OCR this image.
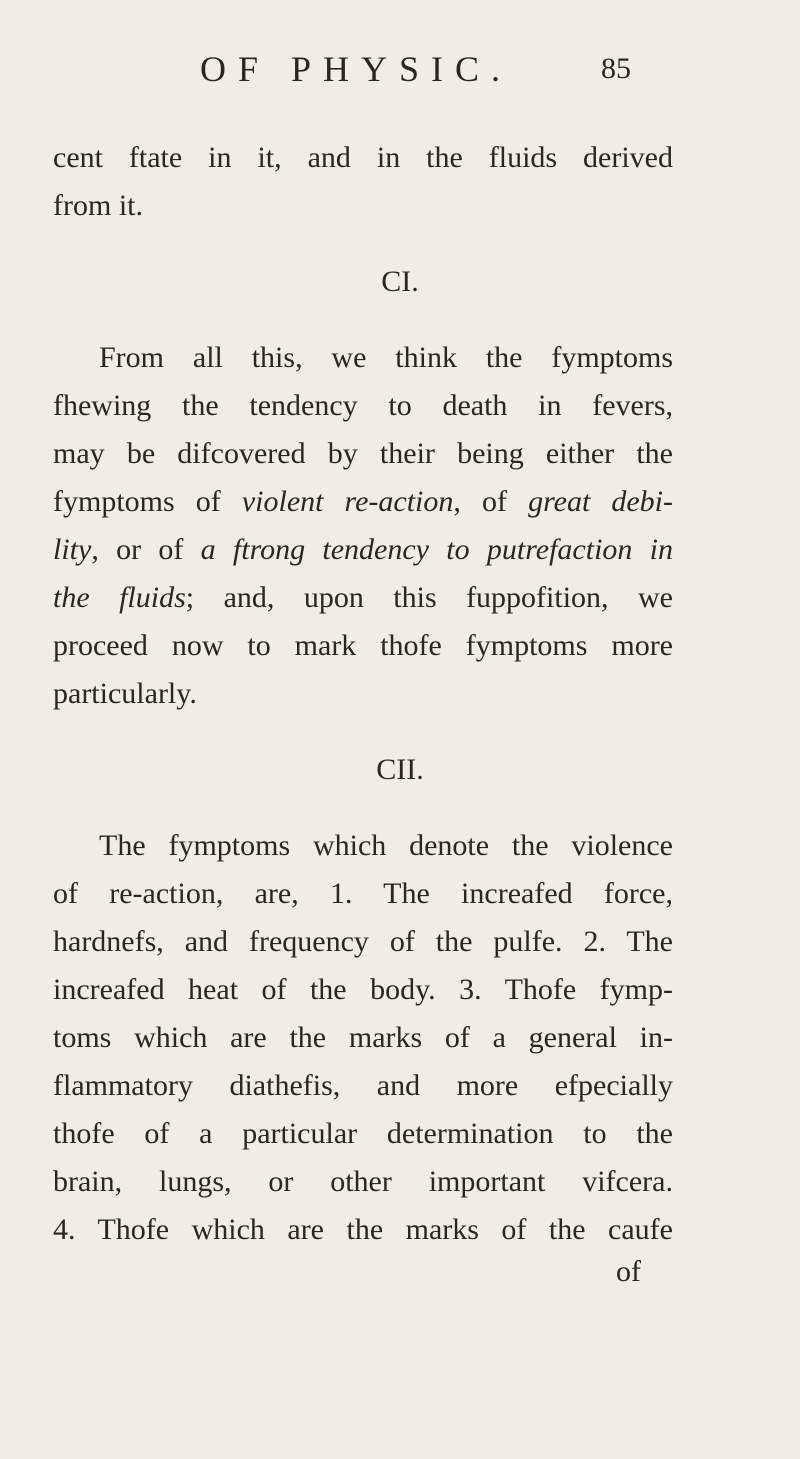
OF PHYSIC.	85
cent ftate in it, and in the fluids derived
from it.
CI.
From all this, we think the fymptoms
fhewing the tendency to death in fevers,
may be difcovered by their being either the
fymptoms of violent re-action, of great debi-
lity, or of a ftrong tendency to putrefaction in
the fluids; and, upon this fuppofition, we
proceed now to mark thofe fymptoms more
particularly.
CII.
The fymptoms which denote the violence
of re-action, are, 1. The increafed force,
hardnefs, and frequency of the pulfe. 2. The
increafed heat of the body. 3. Thofe fymp-
toms which are the marks of a general in-
flammatory diathefis, and more efpecially
thofe of a particular determination to the
brain, lungs, or other important vifcera.
4. Thofe which are the marks of the caufe
of
